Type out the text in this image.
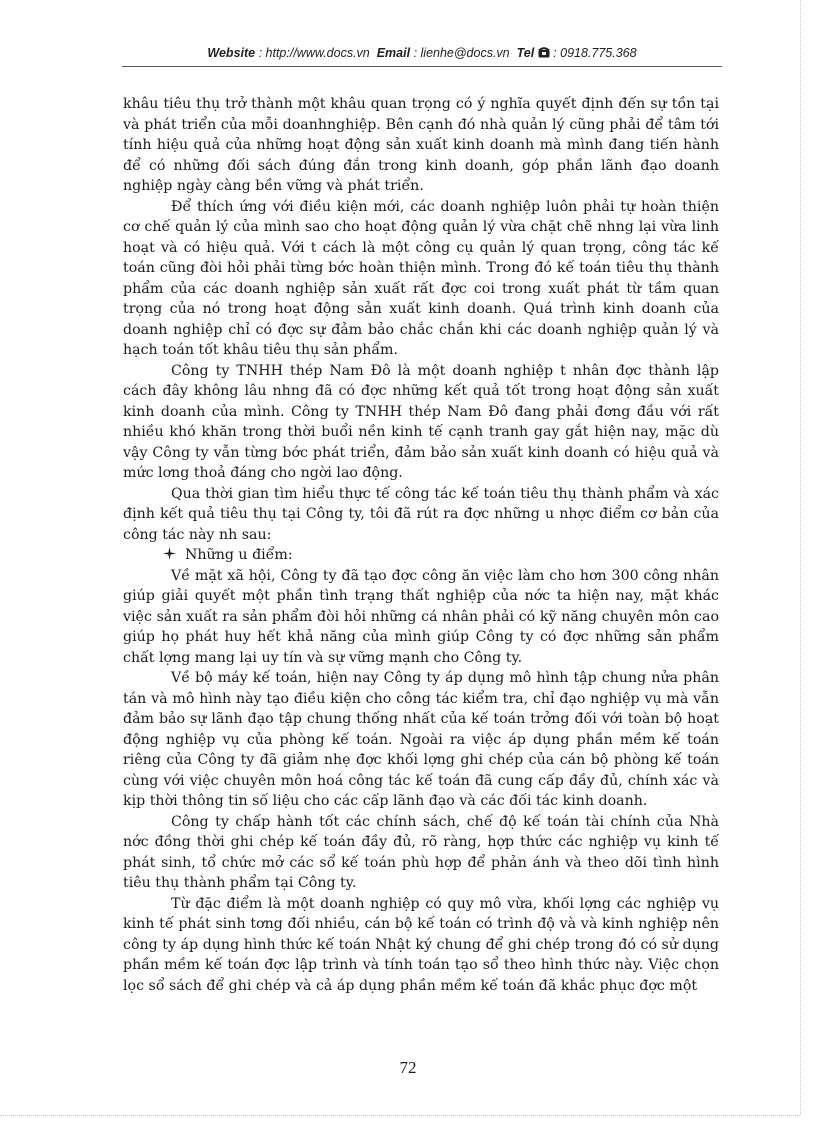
Website : http://www.docs.vn Email : lienhe@docs.vn Tel : 0918.775.368

khâu tiêu thụ trở thành một khâu quan trọng có ý nghĩa quyết định đến sự tồn tại và phát triển của mỗi doanhnghiệp. Bên cạnh đó nhà quản lý cũng phải để tâm tới tính hiệu quả của những hoạt động sản xuất kinh doanh mà mình đang tiến hành để có những đối sách đúng đắn trong kinh doanh, góp phần lãnh đạo doanh nghiệp ngày càng bền vững và phát triển.

Để thích ứng với điều kiện mới, các doanh nghiệp luôn phải tự hoàn thiện cơ chế quản lý của mình sao cho hoạt động quản lý vừa chặt chẽ nhng lại vừa linh hoạt và có hiệu quả. Với t cách là một công cụ quản lý quan trọng, công tác kế toán cũng đòi hỏi phải từng bớc hoàn thiện mình. Trong đó kế toán tiêu thụ thành phẩm của các doanh nghiệp sản xuất rất đợc coi trong xuất phát từ tầm quan trọng của nó trong hoạt động sản xuất kinh doanh. Quá trình kinh doanh của doanh nghiệp chỉ có đợc sự đảm bảo chắc chắn khi các doanh nghiệp quản lý và hạch toán tốt khâu tiêu thụ sản phẩm.

Công ty TNHH thép Nam Đô là một doanh nghiệp t nhân đợc thành lập cách đây không lâu nhng đã có đợc những kết quả tốt trong hoạt động sản xuất kinh doanh của mình. Công ty TNHH thép Nam Đô đang phải đơng đầu với rất nhiều khó khăn trong thời buổi nền kinh tế cạnh tranh gay gắt hiện nay, mặc dù vậy Công ty vẫn từng bớc phát triển, đảm bảo sản xuất kinh doanh có hiệu quả và mức lơng thoả đáng cho ngời lao động.

Qua thời gian tìm hiểu thực tế công tác kế toán tiêu thụ thành phẩm và xác định kết quả tiêu thụ tại Công ty, tôi đã rút ra đợc những u nhợc điểm cơ bản của công tác này nh sau:

Những u điểm:

Về mặt xã hội, Công ty đã tạo đợc công ăn việc làm cho hơn 300 công nhân giúp giải quyết một phần tình trạng thất nghiệp của nớc ta hiện nay, mặt khác việc sản xuất ra sản phẩm đòi hỏi những cá nhân phải có kỹ năng chuyên môn cao giúp họ phát huy hết khả năng của mình giúp Công ty có đợc những sản phẩm chất lợng mang lại uy tín và sự vững mạnh cho Công ty.

Về bộ máy kế toán, hiện nay Công ty áp dụng mô hình tập chung nửa phân tán và mô hình này tạo điều kiện cho công tác kiểm tra, chỉ đạo nghiệp vụ mà vẫn đảm bảo sự lãnh đạo tập chung thống nhất của kế toán trởng đối với toàn bộ hoạt động nghiệp vụ của phòng kế toán. Ngoài ra việc áp dụng phần mềm kế toán riêng của Công ty đã giảm nhẹ đợc khối lợng ghi chép của cán bộ phòng kế toán cùng với việc chuyên môn hoá công tác kế toán đã cung cấp đầy đủ, chính xác và kịp thời thông tin số liệu cho các cấp lãnh đạo và các đối tác kinh doanh.

Công ty chấp hành tốt các chính sách, chế độ kế toán tài chính của Nhà nớc đồng thời ghi chép kế toán đầy đủ, rõ ràng, hợp thức các nghiệp vụ kinh tế phát sinh, tổ chức mở các sổ kế toán phù hợp để phản ánh và theo dõi tình hình tiêu thụ thành phẩm tại Công ty.

Từ đặc điểm là một doanh nghiệp có quy mô vừa, khối lợng các nghiệp vụ kinh tế phát sinh tơng đối nhiều, cán bộ kế toán có trình độ và và kinh nghiệp nên công ty áp dụng hình thức kế toán Nhật ký chung để ghi chép trong đó có sử dụng phần mềm kế toán đợc lập trình và tính toán tạo sổ theo hình thức này. Việc chọn lọc sổ sách để ghi chép và cả áp dụng phần mềm kế toán đã khắc phục đợc một

72
